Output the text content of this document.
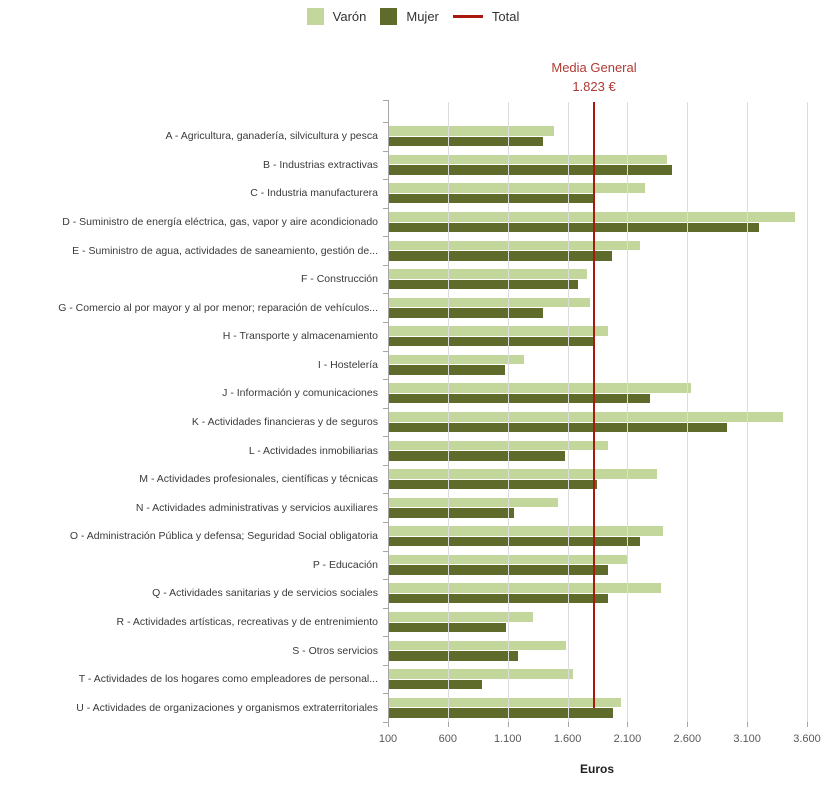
Varón	Mujer	Total
Media General
1.823 €
A - Agricultura, ganadería, silvicultura y pesca
B - Industrias extractivas
C - Industria manufacturera
D - Suministro de energía eléctrica, gas, vapor y aire acondicionado
E - Suministro de agua, actividades de saneamiento, gestión de...
F - Construcción
G - Comercio al por mayor y al por menor; reparación de vehículos...
H - Transporte y almacenamiento
I - Hostelería
J - Información y comunicaciones
K - Actividades financieras y de seguros
L - Actividades inmobiliarias
M - Actividades profesionales, científicas y técnicas
N - Actividades administrativas y servicios auxiliares
O - Administración Pública y defensa; Seguridad Social obligatoria
P - Educación
Q - Actividades sanitarias y de servicios sociales
R - Actividades artísticas, recreativas y de entrenimiento
S - Otros servicios
T - Actividades de los hogares como empleadores de personal...
U - Actividades de organizaciones y organismos extraterritoriales
Euros
100	600	1.100	1.600	2.100	2.600	3.100	3.600
